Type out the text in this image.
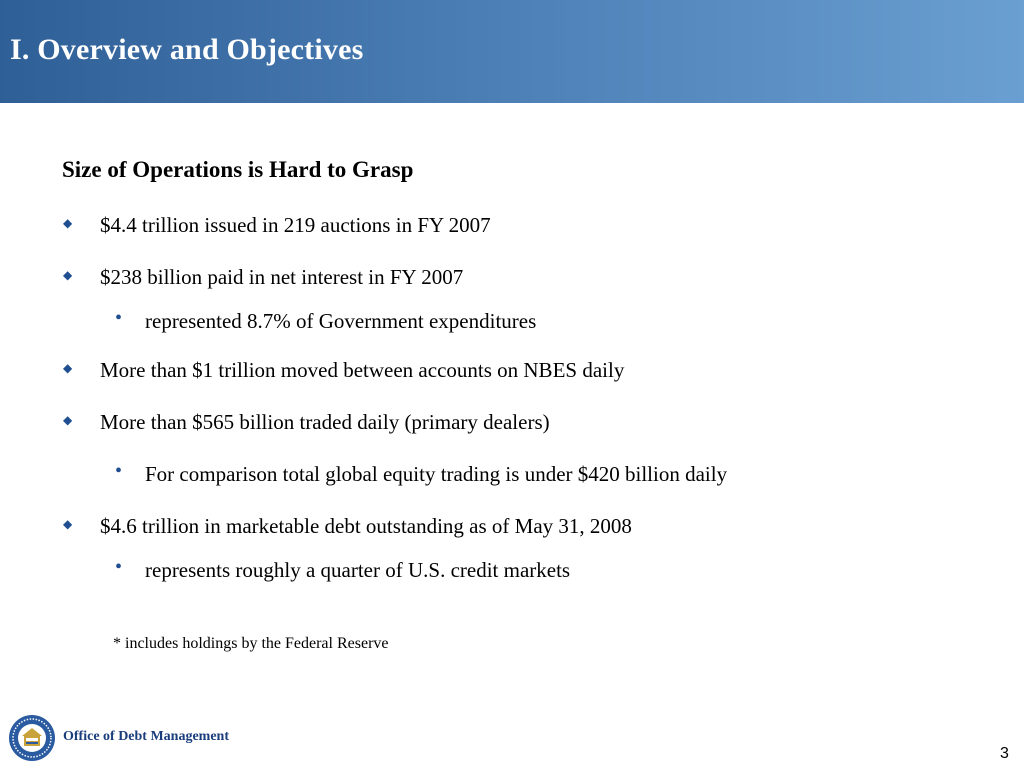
I. Overview and Objectives
Size of Operations is Hard to Grasp
◆ $4.4 trillion issued in 219 auctions in FY 2007
◆ $238 billion paid in net interest in FY 2007
• represented 8.7% of Government expenditures
◆ More than $1 trillion moved between accounts on NBES daily
◆ More than $565 billion traded daily (primary dealers)
• For comparison total global equity trading is under $420 billion daily
◆ $4.6 trillion in marketable debt outstanding as of May 31, 2008
• represents roughly a quarter of U.S. credit markets
* includes holdings by the Federal Reserve
Office of Debt Management
3
